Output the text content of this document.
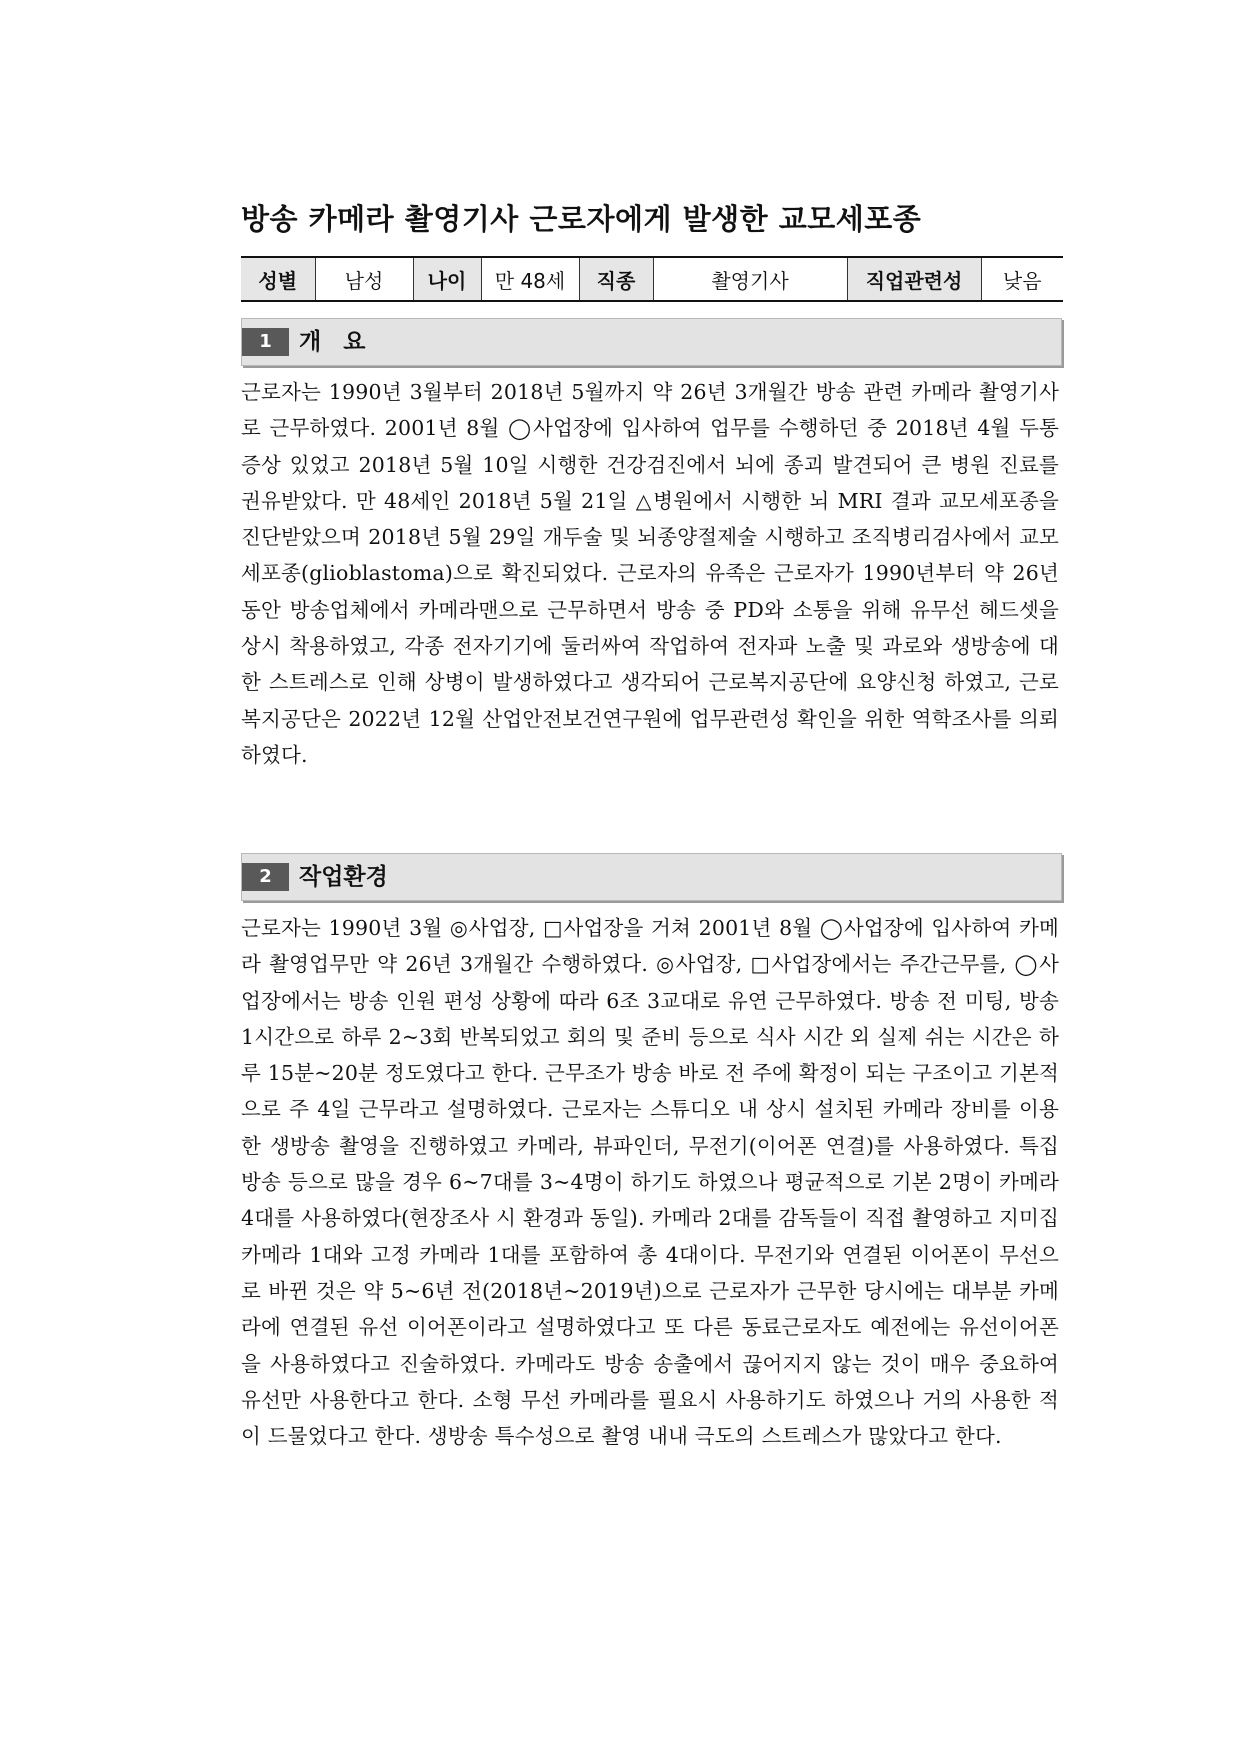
방송 카메라 촬영기사 근로자에게 발생한 교모세포종
성별	남성	나이	만 48세	직종	촬영기사	직업관련성	낮음
1	개 요

근로자는 1990년 3월부터 2018년 5월까지 약 26년 3개월간 방송 관련 카메라 촬영기사로 근무하였다. 2001년 8월 ◯사업장에 입사하여 업무를 수행하던 중 2018년 4월 두통 증상 있었고 2018년 5월 10일 시행한 건강검진에서 뇌에 종괴 발견되어 큰 병원 진료를 권유받았다. 만 48세인 2018년 5월 21일 △병원에서 시행한 뇌 MRI 결과 교모세포종을 진단받았으며 2018년 5월 29일 개두술 및 뇌종양절제술 시행하고 조직병리검사에서 교모세포종(glioblastoma)으로 확진되었다. 근로자의 유족은 근로자가 1990년부터 약 26년 동안 방송업체에서 카메라맨으로 근무하면서 방송 중 PD와 소통을 위해 유무선 헤드셋을 상시 착용하였고, 각종 전자기기에 둘러싸여 작업하여 전자파 노출 및 과로와 생방송에 대한 스트레스로 인해 상병이 발생하였다고 생각되어 근로복지공단에 요양신청 하였고, 근로복지공단은 2022년 12월 산업안전보건연구원에 업무관련성 확인을 위한 역학조사를 의뢰하였다.

2	작업환경

근로자는 1990년 3월 ◎사업장, □사업장을 거쳐 2001년 8월 ◯사업장에 입사하여 카메라 촬영업무만 약 26년 3개월간 수행하였다. ◎사업장, □사업장에서는 주간근무를, ◯사업장에서는 방송 인원 편성 상황에 따라 6조 3교대로 유연 근무하였다. 방송 전 미팅, 방송 1시간으로 하루 2~3회 반복되었고 회의 및 준비 등으로 식사 시간 외 실제 쉬는 시간은 하루 15분~20분 정도였다고 한다. 근무조가 방송 바로 전 주에 확정이 되는 구조이고 기본적으로 주 4일 근무라고 설명하였다. 근로자는 스튜디오 내 상시 설치된 카메라 장비를 이용한 생방송 촬영을 진행하였고 카메라, 뷰파인더, 무전기(이어폰 연결)를 사용하였다. 특집 방송 등으로 많을 경우 6~7대를 3~4명이 하기도 하였으나 평균적으로 기본 2명이 카메라 4대를 사용하였다(현장조사 시 환경과 동일). 카메라 2대를 감독들이 직접 촬영하고 지미집 카메라 1대와 고정 카메라 1대를 포함하여 총 4대이다. 무전기와 연결된 이어폰이 무선으로 바뀐 것은 약 5~6년 전(2018년~2019년)으로 근로자가 근무한 당시에는 대부분 카메라에 연결된 유선 이어폰이라고 설명하였다고 또 다른 동료근로자도 예전에는 유선이어폰을 사용하였다고 진술하였다. 카메라도 방송 송출에서 끊어지지 않는 것이 매우 중요하여 유선만 사용한다고 한다. 소형 무선 카메라를 필요시 사용하기도 하였으나 거의 사용한 적이 드물었다고 한다. 생방송 특수성으로 촬영 내내 극도의 스트레스가 많았다고 한다.
